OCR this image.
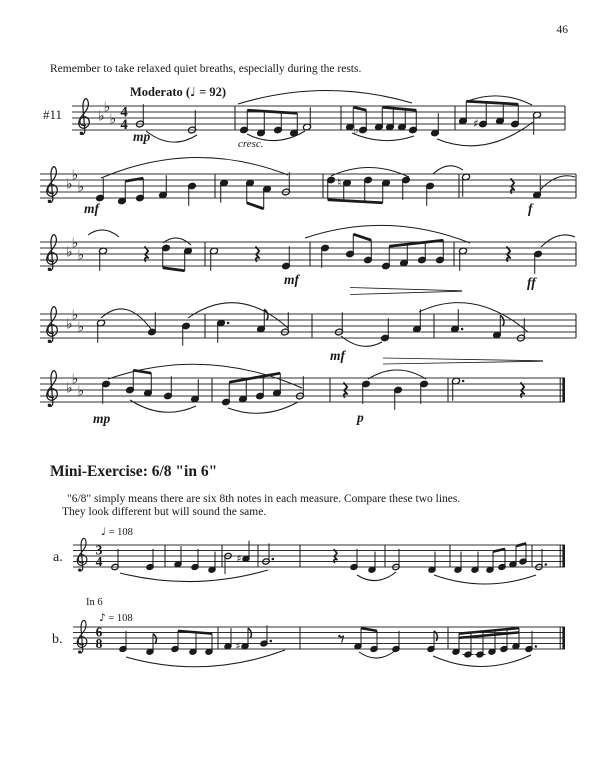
46
Remember to take relaxed quiet breaths, especially during the rests.
Mini-Exercise: 6/8 "in 6"
"6/8" simply means there are six 8th notes in each measure. Compare these two lines.
They look different but will sound the same.
♭
♭
♭ 4
4
#11
Moderato (♩ = 92)
♭	♯
mp	cresc.
♭
♭
♭	♮
mf	f
♭
♭
♭
mf	ff
♭
♭
♭
mf
♭
♭
♭
mp	p
3
4
a.
♩ = 108
♯
6
8
b.
In 6
♪ = 108
♯
